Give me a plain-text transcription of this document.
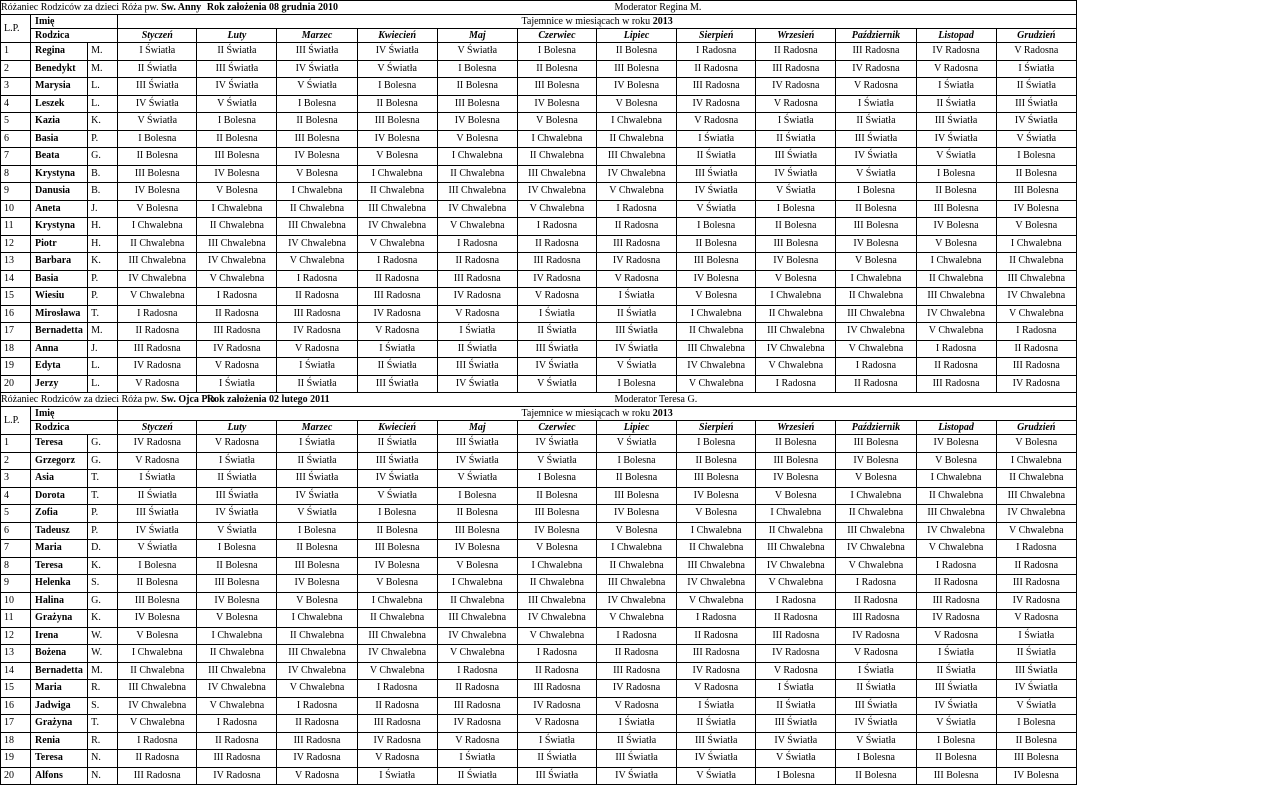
Różaniec Rodziców za dzieci Róża pw. Sw. Anny				Rok założenia 08 grudnia 2010					Moderator Regina M.					
L.P.	Imię		Tajemnice w miesiącach w roku 2013											
	Rodzica		Styczeń	Luty	Marzec	Kwiecień	Maj	Czerwiec	Lipiec	Sierpień	Wrzesień	Październik	Listopad	Grudzień
1	Regina	M.	I Światła	II Światła	III Światła	IV Światła	V Światła	I Bolesna	II Bolesna	I Radosna	II Radosna	III Radosna	IV Radosna	V Radosna
2	Benedykt	M.	II Światła	III Światła	IV Światła	V Światła	I Bolesna	II Bolesna	III Bolesna	II Radosna	III Radosna	IV Radosna	V Radosna	I Światła
3	Marysia	L.	III Światła	IV Światła	V Światła	I Bolesna	II Bolesna	III Bolesna	IV Bolesna	III Radosna	IV Radosna	V Radosna	I Światła	II Światła
4	Leszek	L.	IV Światła	V Światła	I Bolesna	II Bolesna	III Bolesna	IV Bolesna	V Bolesna	IV Radosna	V Radosna	I Światła	II Światła	III Światła
5	Kazia	K.	V Światła	I Bolesna	II Bolesna	III Bolesna	IV Bolesna	V Bolesna	I Chwalebna	V Radosna	I Światła	II Światła	III Światła	IV Światła
6	Basia	P.	I Bolesna	II Bolesna	III Bolesna	IV Bolesna	V Bolesna	I Chwalebna	II Chwalebna	I Światła	II Światła	III Światła	IV Światła	V Światła
7	Beata	G.	II Bolesna	III Bolesna	IV Bolesna	V Bolesna	I Chwalebna	II Chwalebna	III Chwalebna	II Światła	III Światła	IV Światła	V Światła	I Bolesna
8	Krystyna	B.	III Bolesna	IV Bolesna	V Bolesna	I Chwalebna	II Chwalebna	III Chwalebna	IV Chwalebna	III Światła	IV Światła	V Światła	I Bolesna	II Bolesna
9	Danusia	B.	IV Bolesna	V Bolesna	I Chwalebna	II Chwalebna	III Chwalebna	IV Chwalebna	V Chwalebna	IV Światła	V Światła	I Bolesna	II Bolesna	III Bolesna
10	Aneta	J.	V Bolesna	I Chwalebna	II Chwalebna	III Chwalebna	IV Chwalebna	V Chwalebna	I Radosna	V Światła	I Bolesna	II Bolesna	III Bolesna	IV Bolesna
11	Krystyna	H.	I Chwalebna	II Chwalebna	III Chwalebna	IV Chwalebna	V Chwalebna	I Radosna	II Radosna	I Bolesna	II Bolesna	III Bolesna	IV Bolesna	V Bolesna
12	Piotr	H.	II Chwalebna	III Chwalebna	IV Chwalebna	V Chwalebna	I Radosna	II Radosna	III Radosna	II Bolesna	III Bolesna	IV Bolesna	V Bolesna	I Chwalebna
13	Barbara	K.	III Chwalebna	IV Chwalebna	V Chwalebna	I Radosna	II Radosna	III Radosna	IV Radosna	III Bolesna	IV Bolesna	V Bolesna	I Chwalebna	II Chwalebna
14	Basia	P.	IV Chwalebna	V Chwalebna	I Radosna	II Radosna	III Radosna	IV Radosna	V Radosna	IV Bolesna	V Bolesna	I Chwalebna	II Chwalebna	III Chwalebna
15	Wiesiu	P.	V Chwalebna	I Radosna	II Radosna	III Radosna	IV Radosna	V Radosna	I Światła	V Bolesna	I Chwalebna	II Chwalebna	III Chwalebna	IV Chwalebna
16	Mirosława	T.	I Radosna	II Radosna	III Radosna	IV Radosna	V Radosna	I Światła	II Światła	I Chwalebna	II Chwalebna	III Chwalebna	IV Chwalebna	V Chwalebna
17	Bernadetta	M.	II Radosna	III Radosna	IV Radosna	V Radosna	I Światła	II Światła	III Światła	II Chwalebna	III Chwalebna	IV Chwalebna	V Chwalebna	I Radosna
18	Anna	J.	III Radosna	IV Radosna	V Radosna	I Światła	II Światła	III Światła	IV Światła	III Chwalebna	IV Chwalebna	V Chwalebna	I Radosna	II Radosna
19	Edyta	L.	IV Radosna	V Radosna	I Światła	II Światła	III Światła	IV Światła	V Światła	IV Chwalebna	V Chwalebna	I Radosna	II Radosna	III Radosna
20	Jerzy	L.	V Radosna	I Światła	II Światła	III Światła	IV Światła	V Światła	I Bolesna	V Chwalebna	I Radosna	II Radosna	III Radosna	IV Radosna
Różaniec Rodziców za dzieci Róża pw. Sw. Ojca Pio				Rok założenia 02 lutego 2011					Moderator Teresa G.					
L.P.	Imię		Tajemnice w miesiącach w roku 2013											
	Rodzica		Styczeń	Luty	Marzec	Kwiecień	Maj	Czerwiec	Lipiec	Sierpień	Wrzesień	Październik	Listopad	Grudzień
1	Teresa	G.	IV Radosna	V Radosna	I Światła	II Światła	III Światła	IV Światła	V Światła	I Bolesna	II Bolesna	III Bolesna	IV Bolesna	V Bolesna
2	Grzegorz	G.	V Radosna	I Światła	II Światła	III Światła	IV Światła	V Światła	I Bolesna	II Bolesna	III Bolesna	IV Bolesna	V Bolesna	I Chwalebna
3	Asia	T.	I Światła	II Światła	III Światła	IV Światła	V Światła	I Bolesna	II Bolesna	III Bolesna	IV Bolesna	V Bolesna	I Chwalebna	II Chwalebna
4	Dorota	T.	II Światła	III Światła	IV Światła	V Światła	I Bolesna	II Bolesna	III Bolesna	IV Bolesna	V Bolesna	I Chwalebna	II Chwalebna	III Chwalebna
5	Zofia	P.	III Światła	IV Światła	V Światła	I Bolesna	II Bolesna	III Bolesna	IV Bolesna	V Bolesna	I Chwalebna	II Chwalebna	III Chwalebna	IV Chwalebna
6	Tadeusz	P.	IV Światła	V Światła	I Bolesna	II Bolesna	III Bolesna	IV Bolesna	V Bolesna	I Chwalebna	II Chwalebna	III Chwalebna	IV Chwalebna	V Chwalebna
7	Maria	D.	V Światła	I Bolesna	II Bolesna	III Bolesna	IV Bolesna	V Bolesna	I Chwalebna	II Chwalebna	III Chwalebna	IV Chwalebna	V Chwalebna	I Radosna
8	Teresa	K.	I Bolesna	II Bolesna	III Bolesna	IV Bolesna	V Bolesna	I Chwalebna	II Chwalebna	III Chwalebna	IV Chwalebna	V Chwalebna	I Radosna	II Radosna
9	Helenka	S.	II Bolesna	III Bolesna	IV Bolesna	V Bolesna	I Chwalebna	II Chwalebna	III Chwalebna	IV Chwalebna	V Chwalebna	I Radosna	II Radosna	III Radosna
10	Halina	G.	III Bolesna	IV Bolesna	V Bolesna	I Chwalebna	II Chwalebna	III Chwalebna	IV Chwalebna	V Chwalebna	I Radosna	II Radosna	III Radosna	IV Radosna
11	Grażyna	K.	IV Bolesna	V Bolesna	I Chwalebna	II Chwalebna	III Chwalebna	IV Chwalebna	V Chwalebna	I Radosna	II Radosna	III Radosna	IV Radosna	V Radosna
12	Irena	W.	V Bolesna	I Chwalebna	II Chwalebna	III Chwalebna	IV Chwalebna	V Chwalebna	I Radosna	II Radosna	III Radosna	IV Radosna	V Radosna	I Światła
13	Bożena	W.	I Chwalebna	II Chwalebna	III Chwalebna	IV Chwalebna	V Chwalebna	I Radosna	II Radosna	III Radosna	IV Radosna	V Radosna	I Światła	II Światła
14	Bernadetta	M.	II Chwalebna	III Chwalebna	IV Chwalebna	V Chwalebna	I Radosna	II Radosna	III Radosna	IV Radosna	V Radosna	I Światła	II Światła	III Światła
15	Maria	R.	III Chwalebna	IV Chwalebna	V Chwalebna	I Radosna	II Radosna	III Radosna	IV Radosna	V Radosna	I Światła	II Światła	III Światła	IV Światła
16	Jadwiga	S.	IV Chwalebna	V Chwalebna	I Radosna	II Radosna	III Radosna	IV Radosna	V Radosna	I Światła	II Światła	III Światła	IV Światła	V Światła
17	Grażyna	T.	V Chwalebna	I Radosna	II Radosna	III Radosna	IV Radosna	V Radosna	I Światła	II Światła	III Światła	IV Światła	V Światła	I Bolesna
18	Renia	R.	I Radosna	II Radosna	III Radosna	IV Radosna	V Radosna	I Światła	II Światła	III Światła	IV Światła	V Światła	I Bolesna	II Bolesna
19	Teresa	N.	II Radosna	III Radosna	IV Radosna	V Radosna	I Światła	II Światła	III Światła	IV Światła	V Światła	I Bolesna	II Bolesna	III Bolesna
20	Alfons	N.	III Radosna	IV Radosna	V Radosna	I Światła	II Światła	III Światła	IV Światła	V Światła	I Bolesna	II Bolesna	III Bolesna	IV Bolesna
